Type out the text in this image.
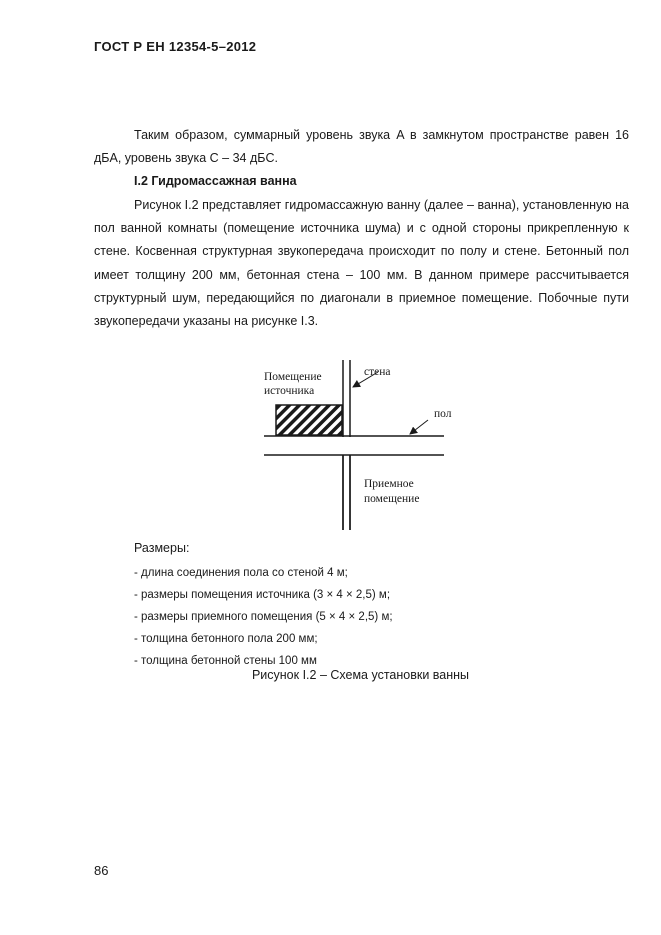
ГОСТ Р ЕН 12354-5–2012

Таким образом, суммарный уровень звука A в замкнутом пространстве равен 16 дБA, уровень звука C – 34 дБC.

I.2 Гидромассажная ванна

Рисунок I.2 представляет гидромассажную ванну (далее – ванна), установленную на пол ванной комнаты (помещение источника шума) и с одной стороны прикрепленную к стене. Косвенная структурная звукопередача происходит по полу и стене. Бетонный пол имеет толщину 200 мм, бетонная стена – 100 мм. В данном примере рассчитывается структурный шум, передающийся по диагонали в приемное помещение. Побочные пути звукопередачи указаны на рисунке I.3.

Помещение
источника
стена
пол
Приемное
помещение
Размеры:
- длина соединения пола со стеной 4 м;
- размеры помещения источника (3 × 4 × 2,5) м;
- размеры приемного помещения (5 × 4 × 2,5) м;
- толщина бетонного пола 200 мм;
- толщина бетонной стены 100 мм
Рисунок I.2 – Схема установки ванны
86
